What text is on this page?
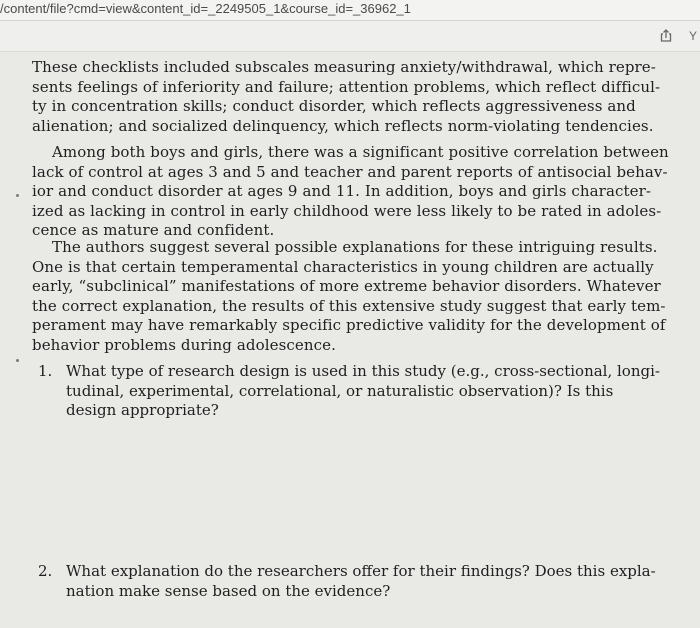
/content/file?cmd=view&content_id=_2249505_1&course_id=_36962_1
Y
These checklists included subscales measuring anxiety/withdrawal, which repre-
sents feelings of inferiority and failure; attention problems, which reflect difficul-
ty in concentration skills; conduct disorder, which reflects aggressiveness and
alienation; and socialized delinquency, which reflects norm-violating tendencies.
Among both boys and girls, there was a significant positive correlation between
lack of control at ages 3 and 5 and teacher and parent reports of antisocial behav-
ior and conduct disorder at ages 9 and 11. In addition, boys and girls character-
ized as lacking in control in early childhood were less likely to be rated in adoles-
cence as mature and confident.
The authors suggest several possible explanations for these intriguing results.
One is that certain temperamental characteristics in young children are actually
early, “subclinical” manifestations of more extreme behavior disorders. Whatever
the correct explanation, the results of this extensive study suggest that early tem-
perament may have remarkably specific predictive validity for the development of
behavior problems during adolescence.
1. What type of research design is used in this study (e.g., cross-sectional, longi-
tudinal, experimental, correlational, or naturalistic observation)? Is this
design appropriate?
2. What explanation do the researchers offer for their findings? Does this expla-
nation make sense based on the evidence?
